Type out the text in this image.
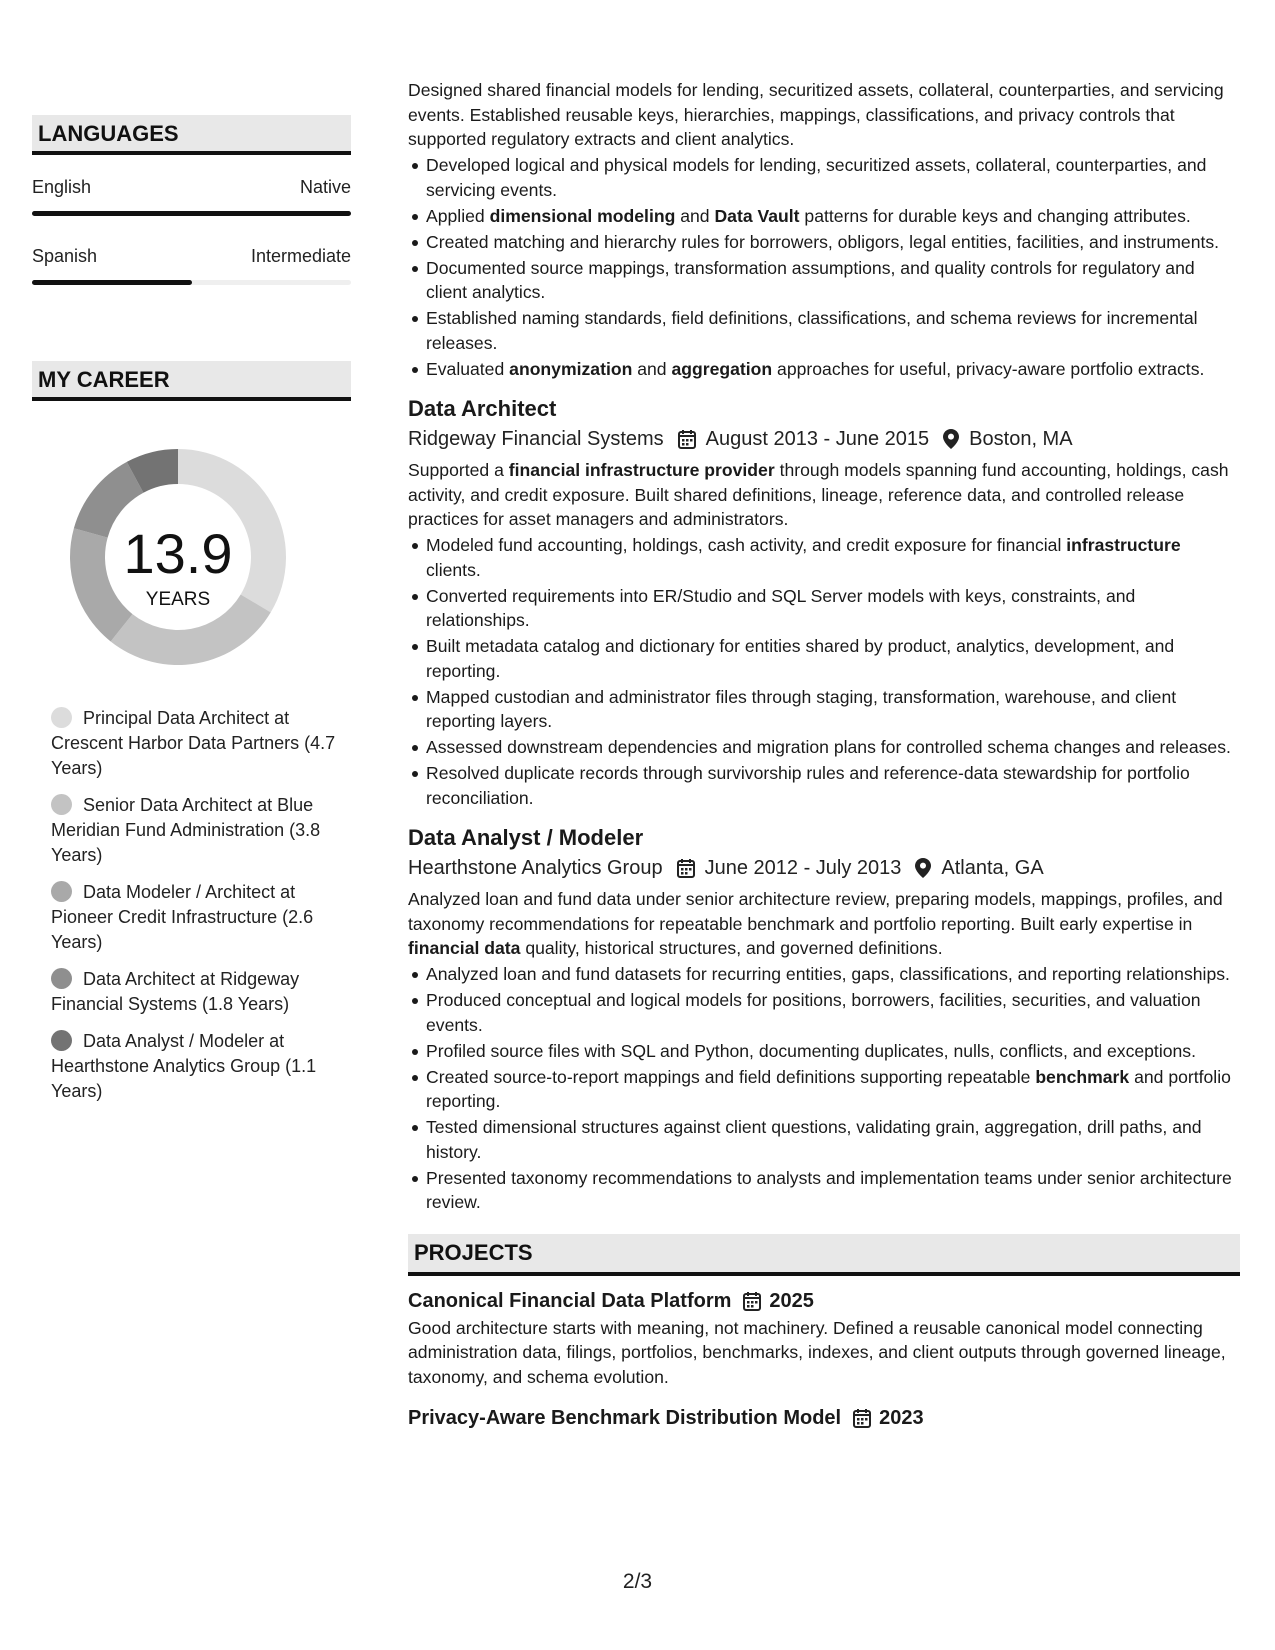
LANGUAGES
English	Native
Spanish	Intermediate
MY CAREER
13.9
YEARS
Principal Data Architect at Crescent Harbor Data Partners (4.7 Years)
Senior Data Architect at Blue Meridian Fund Administration (3.8 Years)
Data Modeler / Architect at Pioneer Credit Infrastructure (2.6 Years)
Data Architect at Ridgeway Financial Systems (1.8 Years)
Data Analyst / Modeler at Hearthstone Analytics Group (1.1 Years)

Designed shared financial models for lending, securitized assets, collateral, counterparties, and servicing events. Established reusable keys, hierarchies, mappings, classifications, and privacy controls that supported regulatory extracts and client analytics.

Developed logical and physical models for lending, securitized assets, collateral, counterparties, and servicing events.
Applied dimensional modeling and Data Vault patterns for durable keys and changing attributes.
Created matching and hierarchy rules for borrowers, obligors, legal entities, facilities, and instruments.
Documented source mappings, transformation assumptions, and quality controls for regulatory and client analytics.
Established naming standards, field definitions, classifications, and schema reviews for incremental releases.
Evaluated anonymization and aggregation approaches for useful, privacy-aware portfolio extracts.
Data Architect
Ridgeway Financial Systems August 2013 - June 2015 Boston, MA

Supported a financial infrastructure provider through models spanning fund accounting, holdings, cash activity, and credit exposure. Built shared definitions, lineage, reference data, and controlled release practices for asset managers and administrators.

Modeled fund accounting, holdings, cash activity, and credit exposure for financial infrastructure clients.
Converted requirements into ER/Studio and SQL Server models with keys, constraints, and relationships.
Built metadata catalog and dictionary for entities shared by product, analytics, development, and reporting.
Mapped custodian and administrator files through staging, transformation, warehouse, and client reporting layers.
Assessed downstream dependencies and migration plans for controlled schema changes and releases.
Resolved duplicate records through survivorship rules and reference-data stewardship for portfolio reconciliation.
Data Analyst / Modeler
Hearthstone Analytics Group June 2012 - July 2013 Atlanta, GA

Analyzed loan and fund data under senior architecture review, preparing models, mappings, profiles, and taxonomy recommendations for repeatable benchmark and portfolio reporting. Built early expertise in financial data quality, historical structures, and governed definitions.

Analyzed loan and fund datasets for recurring entities, gaps, classifications, and reporting relationships.
Produced conceptual and logical models for positions, borrowers, facilities, securities, and valuation events.
Profiled source files with SQL and Python, documenting duplicates, nulls, conflicts, and exceptions.
Created source-to-report mappings and field definitions supporting repeatable benchmark and portfolio reporting.
Tested dimensional structures against client questions, validating grain, aggregation, drill paths, and history.
Presented taxonomy recommendations to analysts and implementation teams under senior architecture review.
PROJECTS
Canonical Financial Data Platform 2025

Good architecture starts with meaning, not machinery. Defined a reusable canonical model connecting administration data, filings, portfolios, benchmarks, indexes, and client outputs through governed lineage, taxonomy, and schema evolution.

Privacy-Aware Benchmark Distribution Model 2023
2/3
